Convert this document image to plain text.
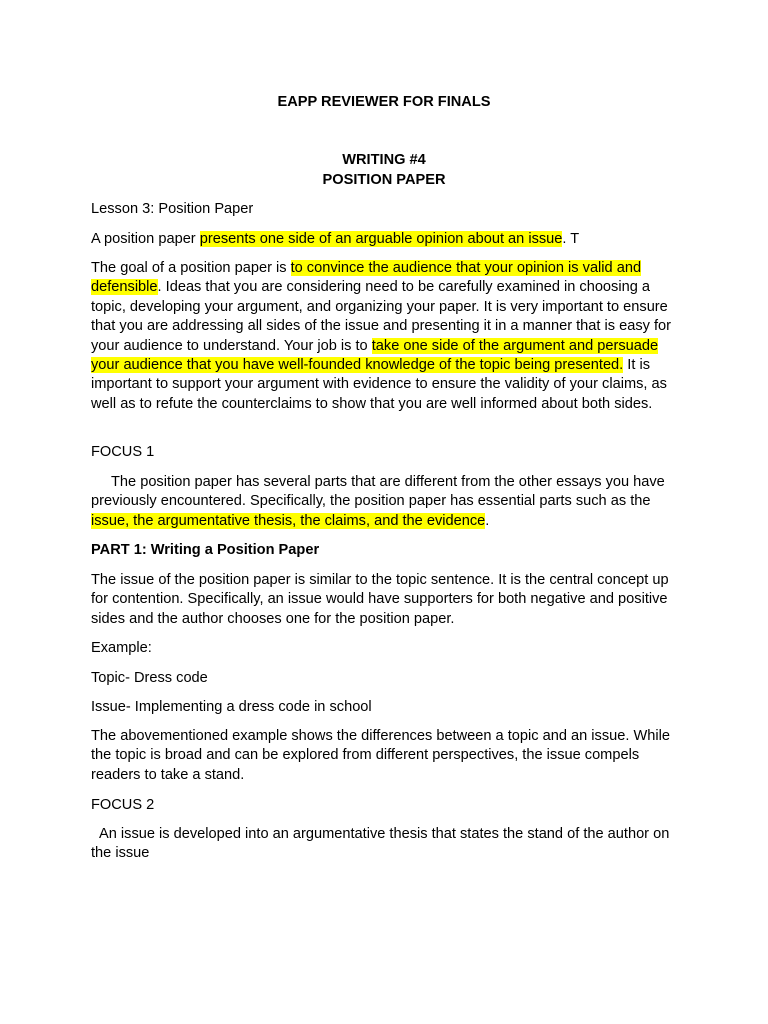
EAPP REVIEWER FOR FINALS

WRITING #4

POSITION PAPER

Lesson 3: Position Paper

A position paper presents one side of an arguable opinion about an issue. T

The goal of a position paper is to convince the audience that your opinion is valid and defensible. Ideas that you are considering need to be carefully examined in choosing a topic, developing your argument, and organizing your paper. It is very important to ensure that you are addressing all sides of the issue and presenting it in a manner that is easy for your audience to understand. Your job is to take one side of the argument and persuade your audience that you have well-founded knowledge of the topic being presented. It is important to support your argument with evidence to ensure the validity of your claims, as well as to refute the counterclaims to show that you are well informed about both sides.

FOCUS 1

The position paper has several parts that are different from the other essays you have previously encountered. Specifically, the position paper has essential parts such as the issue, the argumentative thesis, the claims, and the evidence.

PART 1: Writing a Position Paper

The issue of the position paper is similar to the topic sentence. It is the central concept up for contention. Specifically, an issue would have supporters for both negative and positive sides and the author chooses one for the position paper.

Example:

Topic- Dress code

Issue- Implementing a dress code in school

The abovementioned example shows the differences between a topic and an issue. While the topic is broad and can be explored from different perspectives, the issue compels readers to take a stand.

FOCUS 2

An issue is developed into an argumentative thesis that states the stand of the author on the issue
